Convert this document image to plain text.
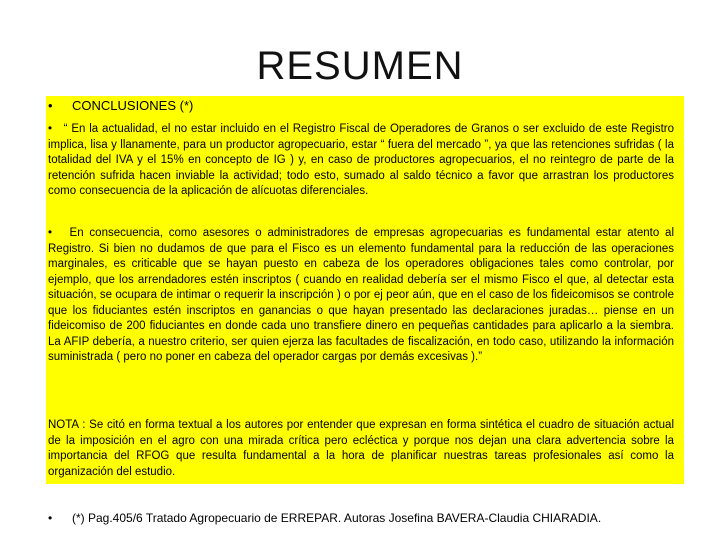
RESUMEN
• CONCLUSIONES (*)
• “ En la actualidad, el no estar incluido en el Registro Fiscal de Operadores de Granos o ser excluido de este Registro implica, lisa y llanamente, para un productor agropecuario, estar “ fuera del mercado ”, ya que las retenciones sufridas ( la totalidad del IVA y el 15% en concepto de IG ) y, en caso de productores agropecuarios, el no reintegro de parte de la retención sufrida hacen inviable la actividad; todo esto, sumado al saldo técnico a favor que arrastran los productores como consecuencia de la aplicación de alícuotas diferenciales.
• En consecuencia, como asesores o administradores de empresas agropecuarias es fundamental estar atento al Registro. Si bien no dudamos de que para el Fisco es un elemento fundamental para la reducción de las operaciones marginales, es criticable que se hayan puesto en cabeza de los operadores obligaciones tales como controlar, por ejemplo, que los arrendadores estén inscriptos ( cuando en realidad debería ser el mismo Fisco el que, al detectar esta situación, se ocupara de intimar o requerir la inscripción ) o por ej peor aún, que en el caso de los fideicomisos se controle que los fiduciantes estén inscriptos en ganancias o que hayan presentado las declaraciones juradas… piense en un fideicomiso de 200 fiduciantes en donde cada uno transfiere dinero en pequeñas cantidades para aplicarlo a la siembra. La AFIP debería, a nuestro criterio, ser quien ejerza las facultades de fiscalización, en todo caso, utilizando la información suministrada ( pero no poner en cabeza del operador cargas por demás excesivas ).”
NOTA : Se citó en forma textual a los autores por entender que expresan en forma sintética el cuadro de situación actual de la imposición en el agro con una mirada crítica pero ecléctica y porque nos dejan una clara advertencia sobre la importancia del RFOG que resulta fundamental a la hora de planificar nuestras tareas profesionales así como la organización del estudio.
• (*) Pag.405/6 Tratado Agropecuario de ERREPAR. Autoras Josefina BAVERA-Claudia CHIARADIA.
